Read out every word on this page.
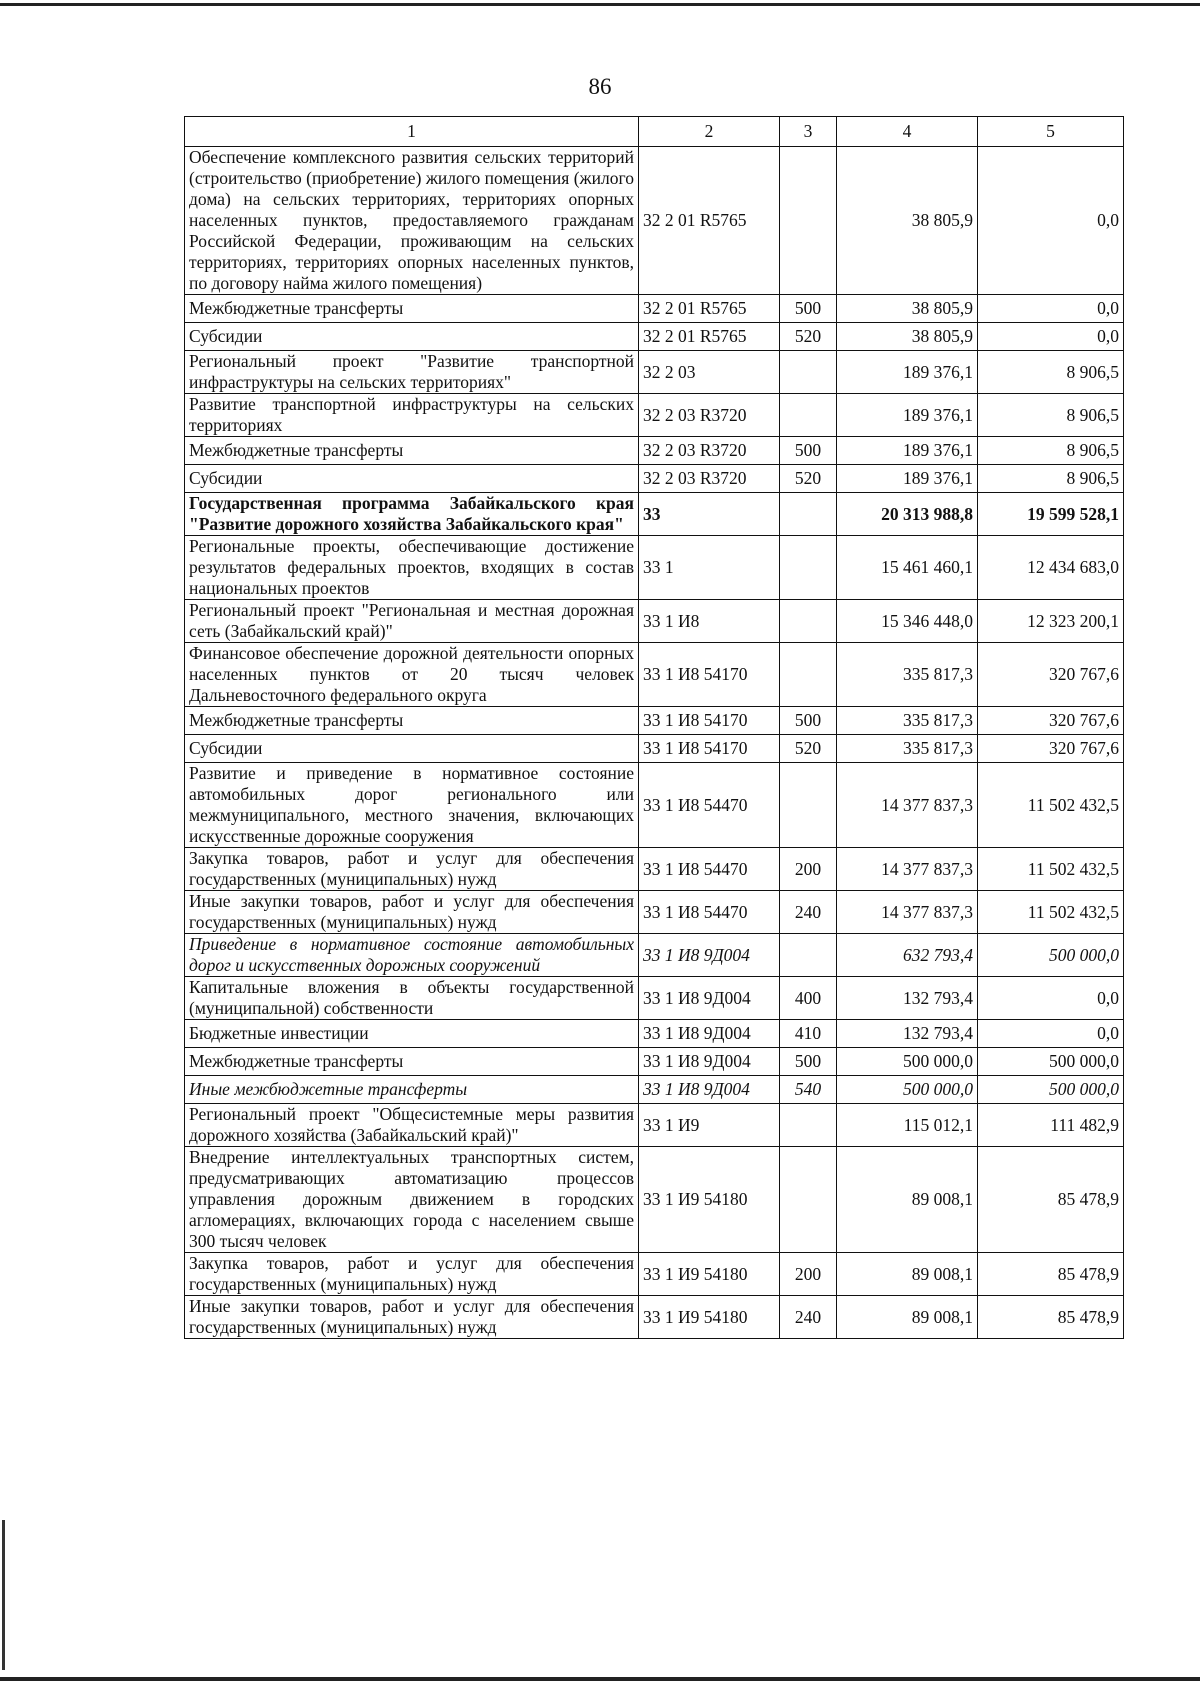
86
1	2	3	4	5
Обеспечение комплексного развития сельских территорий (строительство (приобретение) жилого помещения (жилого дома) на сельских территориях, территориях опорных населенных пунктов, предоставляемого гражданам Российской Федерации, проживающим на сельских территориях, территориях опорных населенных пунктов, по договору найма жилого помещения)	32 2 01 R5765		38 805,9	0,0
Межбюджетные трансферты	32 2 01 R5765	500	38 805,9	0,0
Субсидии	32 2 01 R5765	520	38 805,9	0,0
Региональный проект "Развитие транспортной инфраструктуры на сельских территориях"	32 2 03		189 376,1	8 906,5
Развитие транспортной инфраструктуры на сельских территориях	32 2 03 R3720		189 376,1	8 906,5
Межбюджетные трансферты	32 2 03 R3720	500	189 376,1	8 906,5
Субсидии	32 2 03 R3720	520	189 376,1	8 906,5
Государственная программа Забайкальского края "Развитие дорожного хозяйства Забайкальского края"	33		20 313 988,8	19 599 528,1
Региональные проекты, обеспечивающие достижение результатов федеральных проектов, входящих в состав национальных проектов	33 1		15 461 460,1	12 434 683,0
Региональный проект "Региональная и местная дорожная сеть (Забайкальский край)"	33 1 И8		15 346 448,0	12 323 200,1
Финансовое обеспечение дорожной деятельности опорных населенных пунктов от 20 тысяч человек Дальневосточного федерального округа	33 1 И8 54170		335 817,3	320 767,6
Межбюджетные трансферты	33 1 И8 54170	500	335 817,3	320 767,6
Субсидии	33 1 И8 54170	520	335 817,3	320 767,6
Развитие и приведение в нормативное состояние автомобильных дорог регионального или межмуниципального, местного значения, включающих искусственные дорожные сооружения	33 1 И8 54470		14 377 837,3	11 502 432,5
Закупка товаров, работ и услуг для обеспечения государственных (муниципальных) нужд	33 1 И8 54470	200	14 377 837,3	11 502 432,5
Иные закупки товаров, работ и услуг для обеспечения государственных (муниципальных) нужд	33 1 И8 54470	240	14 377 837,3	11 502 432,5
Приведение в нормативное состояние автомобильных дорог и искусственных дорожных сооружений	33 1 И8 9Д004		632 793,4	500 000,0
Капитальные вложения в объекты государственной (муниципальной) собственности	33 1 И8 9Д004	400	132 793,4	0,0
Бюджетные инвестиции	33 1 И8 9Д004	410	132 793,4	0,0
Межбюджетные трансферты	33 1 И8 9Д004	500	500 000,0	500 000,0
Иные межбюджетные трансферты	33 1 И8 9Д004	540	500 000,0	500 000,0
Региональный проект "Общесистемные меры развития дорожного хозяйства (Забайкальский край)"	33 1 И9		115 012,1	111 482,9
Внедрение интеллектуальных транспортных систем, предусматривающих автоматизацию процессов управления дорожным движением в городских агломерациях, включающих города с населением свыше 300 тысяч человек	33 1 И9 54180		89 008,1	85 478,9
Закупка товаров, работ и услуг для обеспечения государственных (муниципальных) нужд	33 1 И9 54180	200	89 008,1	85 478,9
Иные закупки товаров, работ и услуг для обеспечения государственных (муниципальных) нужд	33 1 И9 54180	240	89 008,1	85 478,9
